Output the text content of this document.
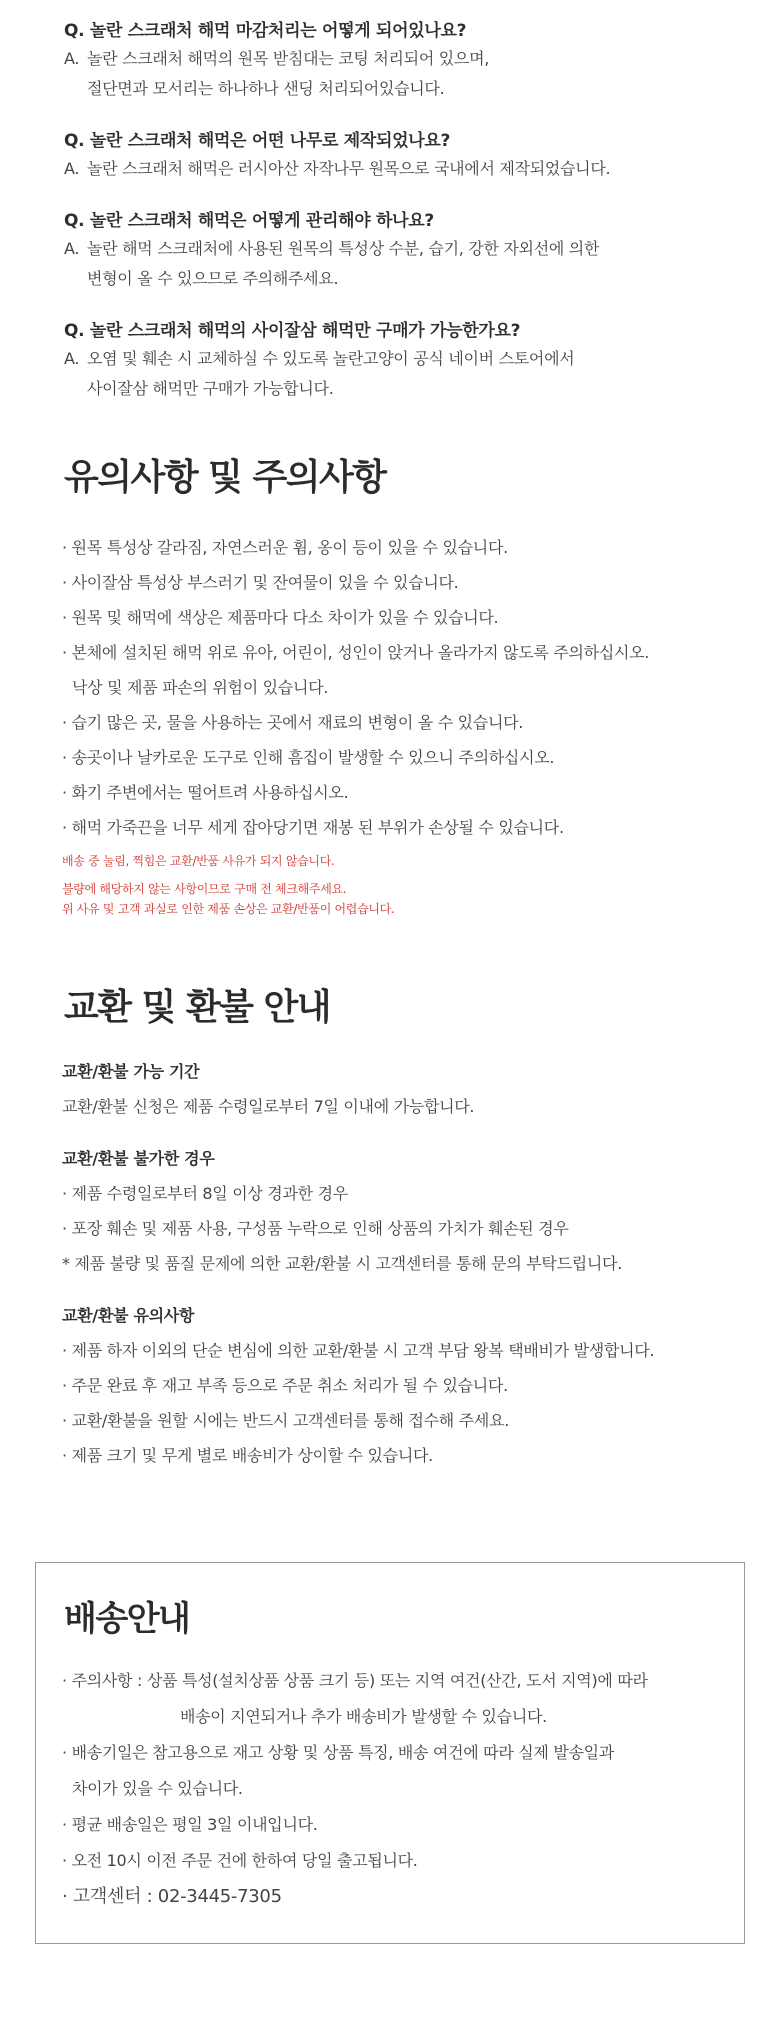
Q. 놀란 스크래처 해먹 마감처리는 어떻게 되어있나요?
A. 놀란 스크래처 해먹의 원목 받침대는 코팅 처리되어 있으며,
절단면과 모서리는 하나하나 샌딩 처리되어있습니다.
Q. 놀란 스크래처 해먹은 어떤 나무로 제작되었나요?
A. 놀란 스크래처 해먹은 러시아산 자작나무 원목으로 국내에서 제작되었습니다.
Q. 놀란 스크래처 해먹은 어떻게 관리해야 하나요?
A. 놀란 해먹 스크래처에 사용된 원목의 특성상 수분, 습기, 강한 자외선에 의한
변형이 올 수 있으므로 주의해주세요.
Q. 놀란 스크래처 해먹의 사이잘삼 해먹만 구매가 가능한가요?
A. 오염 및 훼손 시 교체하실 수 있도록 놀란고양이 공식 네이버 스토어에서
사이잘삼 해먹만 구매가 가능합니다.
유의사항 및 주의사항
· 원목 특성상 갈라짐, 자연스러운 휨, 옹이 등이 있을 수 있습니다.
· 사이잘삼 특성상 부스러기 및 잔여물이 있을 수 있습니다.
· 원목 및 해먹에 색상은 제품마다 다소 차이가 있을 수 있습니다.
· 본체에 설치된 해먹 위로 유아, 어린이, 성인이 앉거나 올라가지 않도록 주의하십시오.
낙상 및 제품 파손의 위험이 있습니다.
· 습기 많은 곳, 물을 사용하는 곳에서 재료의 변형이 올 수 있습니다.
· 송곳이나 날카로운 도구로 인해 흠집이 발생할 수 있으니 주의하십시오.
· 화기 주변에서는 떨어트려 사용하십시오.
· 해먹 가죽끈을 너무 세게 잡아당기면 재봉 된 부위가 손상될 수 있습니다.
배송 중 눌림, 찍힘은 교환/반품 사유가 되지 않습니다.
불량에 해당하지 않는 사항이므로 구매 전 체크해주세요.
위 사유 및 고객 과실로 인한 제품 손상은 교환/반품이 어렵습니다.
교환 및 환불 안내
교환/환불 가능 기간
교환/환불 신청은 제품 수령일로부터 7일 이내에 가능합니다.
교환/환불 불가한 경우
· 제품 수령일로부터 8일 이상 경과한 경우
· 포장 훼손 및 제품 사용, 구성품 누락으로 인해 상품의 가치가 훼손된 경우
* 제품 불량 및 품질 문제에 의한 교환/환불 시 고객센터를 통해 문의 부탁드립니다.
교환/환불 유의사항
· 제품 하자 이외의 단순 변심에 의한 교환/환불 시 고객 부담 왕복 택배비가 발생합니다.
· 주문 완료 후 재고 부족 등으로 주문 취소 처리가 될 수 있습니다.
· 교환/환불을 원할 시에는 반드시 고객센터를 통해 접수해 주세요.
· 제품 크기 및 무게 별로 배송비가 상이할 수 있습니다.
배송안내
· 주의사항 : 상품 특성(설치상품 상품 크기 등) 또는 지역 여건(산간, 도서 지역)에 따라
배송이 지연되거나 추가 배송비가 발생할 수 있습니다.
· 배송기일은 참고용으로 재고 상황 및 상품 특징, 배송 여건에 따라 실제 발송일과
차이가 있을 수 있습니다.
· 평균 배송일은 평일 3일 이내입니다.
· 오전 10시 이전 주문 건에 한하여 당일 출고됩니다.
· 고객센터 : 02-3445-7305
